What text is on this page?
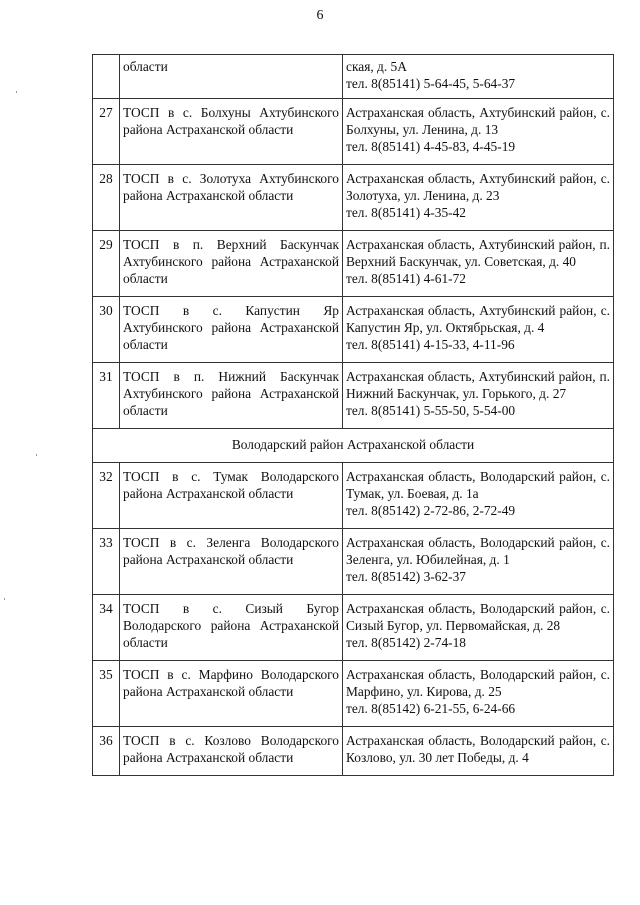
6
	области	ская, д. 5А
тел. 8(85141) 5-64-45, 5-64-37

27	ТОСП в с. Болхуны Ахтубинского района Астраханской области	Астраханская область, Ахтубинский район, с. Болхуны, ул. Ленина, д. 13
тел. 8(85141) 4-45-83, 4-45-19

28	ТОСП в с. Золотуха Ахтубинского района Астраханской области	Астраханская область, Ахтубинский район, с. Золотуха, ул. Ленина, д. 23
тел. 8(85141) 4-35-42

29	ТОСП в п. Верхний Баскунчак Ахтубинского района Астраханской области	Астраханская область, Ахтубинский район, п. Верхний Баскунчак, ул. Советская, д. 40
тел. 8(85141) 4-61-72

30	ТОСП в с. Капустин Яр Ахтубинского района Астраханской области	Астраханская область, Ахтубинский район, с. Капустин Яр, ул. Октябрьская, д. 4
тел. 8(85141) 4-15-33, 4-11-96

31	ТОСП в п. Нижний Баскунчак Ахтубинского района Астраханской области	Астраханская область, Ахтубинский район, п. Нижний Баскунчак, ул. Горького, д. 27
тел. 8(85141) 5-55-50, 5-54-00

Володарский район Астраханской области		
32	ТОСП в с. Тумак Володарского района Астраханской области	Астраханская область, Володарский район, с. Тумак, ул. Боевая, д. 1а
тел. 8(85142) 2-72-86, 2-72-49

33	ТОСП в с. Зеленга Володарского района Астраханской области	Астраханская область, Володарский район, с. Зеленга, ул. Юбилейная, д. 1
тел. 8(85142) 3-62-37

34	ТОСП в с. Сизый Бугор Володарского района Астраханской области	Астраханская область, Володарский район, с. Сизый Бугор, ул. Первомайская, д. 28
тел. 8(85142) 2-74-18

35	ТОСП в с. Марфино Володарского района Астраханской области	Астраханская область, Володарский район, с. Марфино, ул. Кирова, д. 25
тел. 8(85142) 6-21-55, 6-24-66

36	ТОСП в с. Козлово Володарского района Астраханской области	Астраханская область, Володарский район, с. Козлово, ул. 30 лет Победы, д. 4
